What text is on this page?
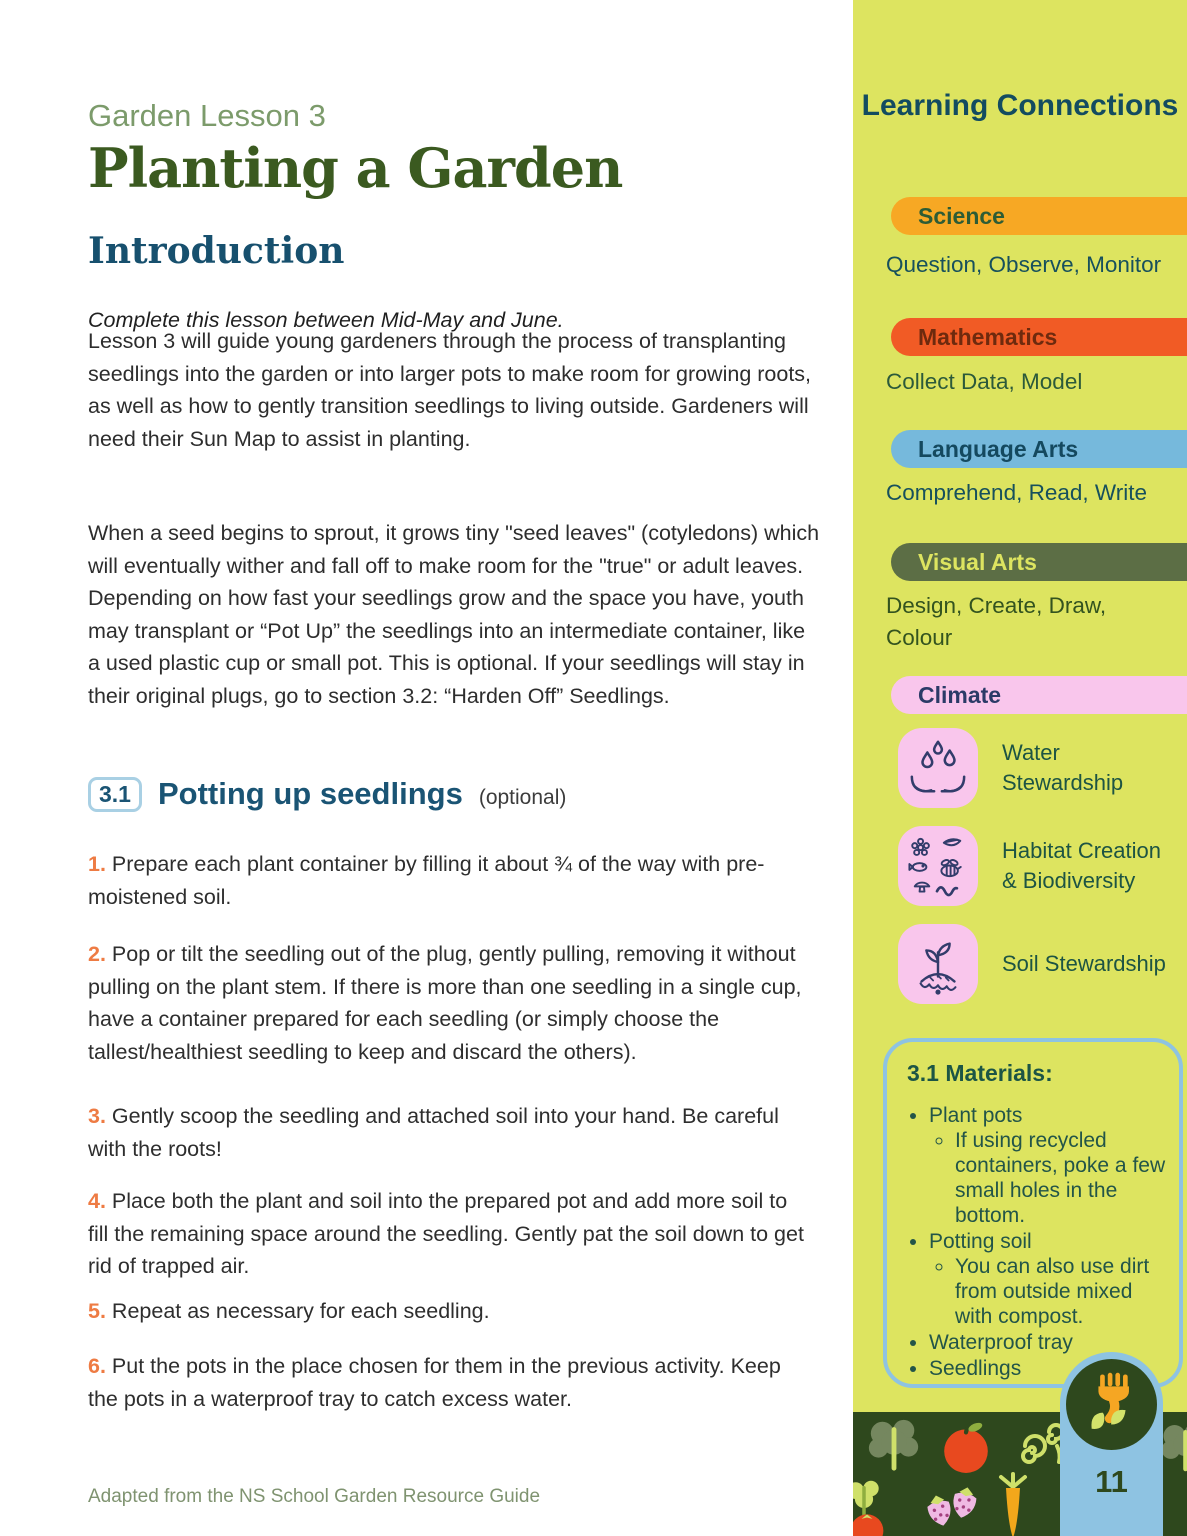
Garden Lesson 3
Planting a Garden
Introduction

Complete this lesson between Mid-May and June.

Lesson 3 will guide young gardeners through the process of transplanting seedlings into the garden or into larger pots to make room for growing roots, as well as how to gently transition seedlings to living outside. Gardeners will need their Sun Map to assist in planting.

When a seed begins to sprout, it grows tiny "seed leaves" (cotyledons) which will eventually wither and fall off to make room for the "true" or adult leaves. Depending on how fast your seedlings grow and the space you have, youth may transplant or “Pot Up” the seedlings into an intermediate container, like a used plastic cup or small pot. This is optional. If your seedlings will stay in their original plugs, go to section 3.2: “Harden Off” Seedlings.

3.1 Potting up seedlings (optional)

1. Prepare each plant container by filling it about ¾ of the way with pre-moistened soil.

2. Pop or tilt the seedling out of the plug, gently pulling, removing it without pulling on the plant stem. If there is more than one seedling in a single cup, have a container prepared for each seedling (or simply choose the tallest/healthiest seedling to keep and discard the others).

3. Gently scoop the seedling and attached soil into your hand. Be careful with the roots!

4. Place both the plant and soil into the prepared pot and add more soil to fill the remaining space around the seedling. Gently pat the soil down to get rid of trapped air.

5. Repeat as necessary for each seedling.

6. Put the pots in the place chosen for them in the previous activity. Keep the pots in a waterproof tray to catch excess water.

Adapted from the NS School Garden Resource Guide
Learning Connections
Science
Question, Observe, Monitor
Mathematics
Collect Data, Model
Language Arts
Comprehend, Read, Write
Visual Arts
Design, Create, Draw, Colour
Climate
Water Stewardship
Habitat Creation & Biodiversity
Soil Stewardship
3.1 Materials:
• Plant pots
◦ If using recycled containers, poke a few small holes in the bottom.
• Potting soil
◦ You can also use dirt from outside mixed with compost.
• Waterproof tray
• Seedlings
11
